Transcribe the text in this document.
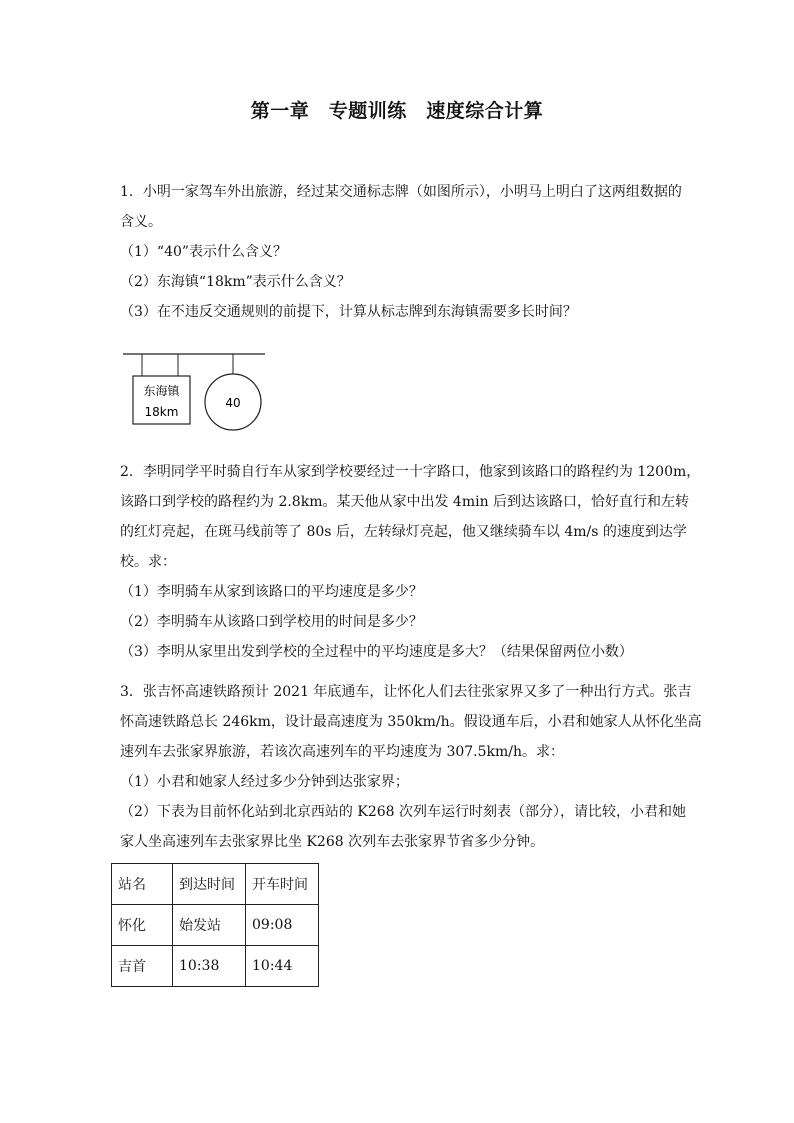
第一章　专题训练　速度综合计算
1．小明一家驾车外出旅游，经过某交通标志牌（如图所示），小明马上明白了这两组数据的
含义。
（1）“40”表示什么含义？
（2）东海镇“18km”表示什么含义？
（3）在不违反交通规则的前提下，计算从标志牌到东海镇需要多长时间？
东海镇
18km
40
2．李明同学平时骑自行车从家到学校要经过一十字路口，他家到该路口的路程约为 1200m，
该路口到学校的路程约为 2.8km。某天他从家中出发 4min 后到达该路口，恰好直行和左转
的红灯亮起，在斑马线前等了 80s 后，左转绿灯亮起，他又继续骑车以 4m/s 的速度到达学
校。求：
（1）李明骑车从家到该路口的平均速度是多少？
（2）李明骑车从该路口到学校用的时间是多少？
（3）李明从家里出发到学校的全过程中的平均速度是多大？（结果保留两位小数）
3．张吉怀高速铁路预计 2021 年底通车，让怀化人们去往张家界又多了一种出行方式。张吉
怀高速铁路总长 246km，设计最高速度为 350km/h。假设通车后，小君和她家人从怀化坐高
速列车去张家界旅游，若该次高速列车的平均速度为 307.5km/h。求：
（1）小君和她家人经过多少分钟到达张家界；
（2）下表为目前怀化站到北京西站的 K268 次列车运行时刻表（部分），请比较，小君和她
家人坐高速列车去张家界比坐 K268 次列车去张家界节省多少分钟。
站名	到达时间	开车时间
怀化	始发站	09:08
吉首	10:38	10:44
